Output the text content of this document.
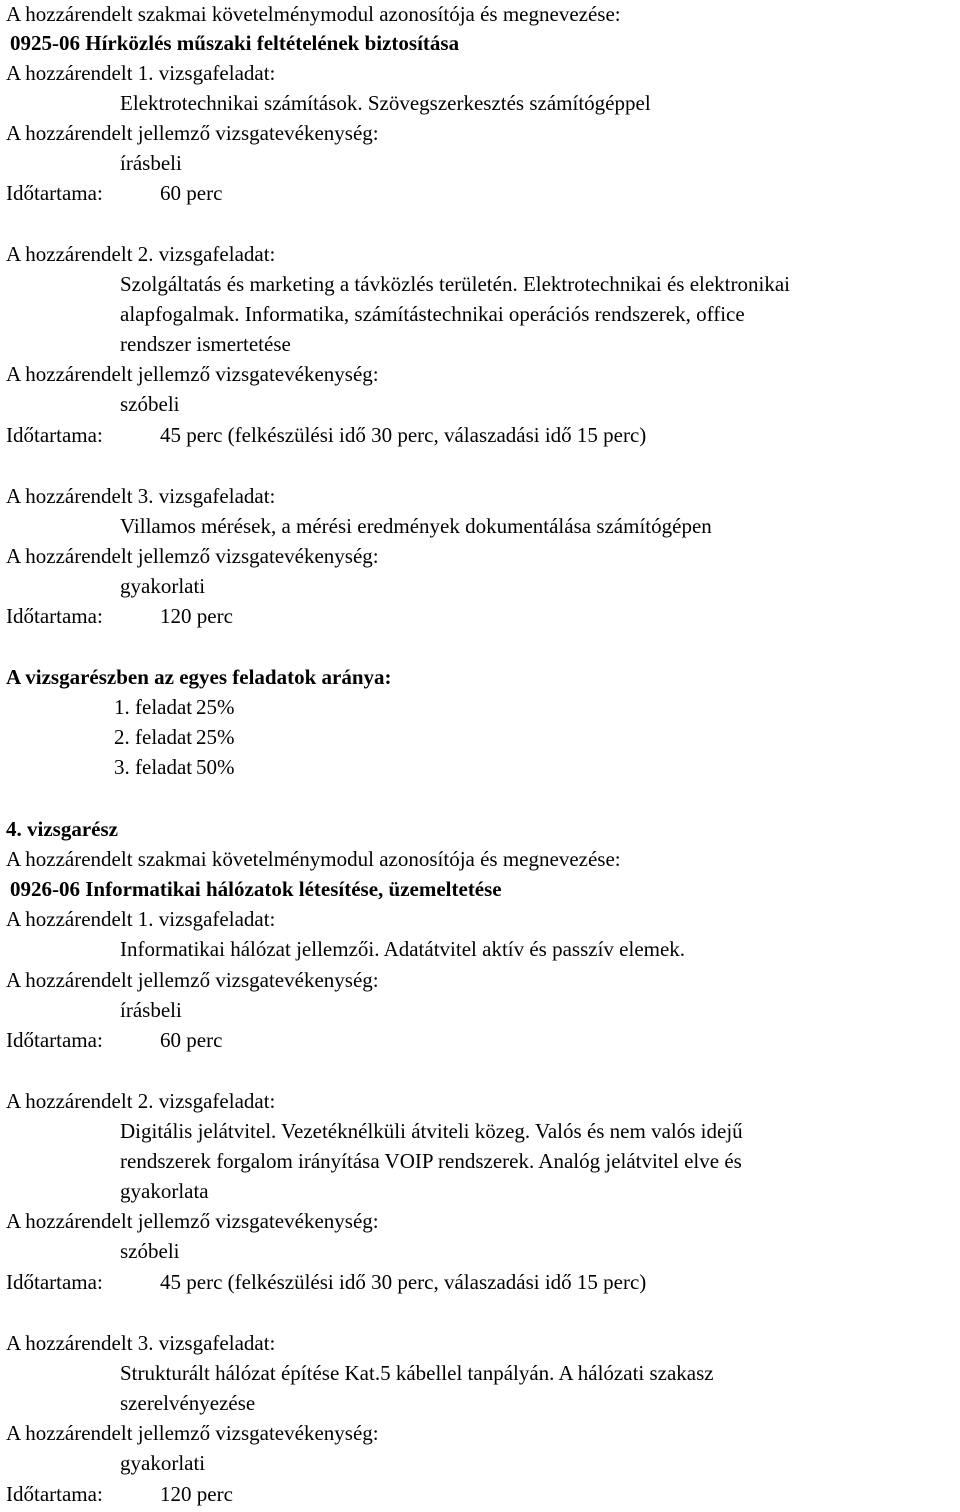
A hozzárendelt szakmai követelménymodul azonosítója és megnevezése:
0925-06 Hírközlés műszaki feltételének biztosítása
A hozzárendelt 1. vizsgafeladat:
Elektrotechnikai számítások. Szövegszerkesztés számítógéppel
A hozzárendelt jellemző vizsgatevékenység:
írásbeli
Időtartama:	60 perc
A hozzárendelt 2. vizsgafeladat:
Szolgáltatás és marketing a távközlés területén. Elektrotechnikai és elektronikai
alapfogalmak. Informatika, számítástechnikai operációs rendszerek, office
rendszer ismertetése
A hozzárendelt jellemző vizsgatevékenység:
szóbeli
Időtartama:	45 perc (felkészülési idő 30 perc, válaszadási idő 15 perc)
A hozzárendelt 3. vizsgafeladat:
Villamos mérések, a mérési eredmények dokumentálása számítógépen
A hozzárendelt jellemző vizsgatevékenység:
gyakorlati
Időtartama:	120 perc
A vizsgarészben az egyes feladatok aránya:
1. feladat 25%
2. feladat 25%
3. feladat 50%
4. vizsgarész
A hozzárendelt szakmai követelménymodul azonosítója és megnevezése:
0926-06 Informatikai hálózatok létesítése, üzemeltetése
A hozzárendelt 1. vizsgafeladat:
Informatikai hálózat jellemzői. Adatátvitel aktív és passzív elemek.
A hozzárendelt jellemző vizsgatevékenység:
írásbeli
Időtartama:	60 perc
A hozzárendelt 2. vizsgafeladat:
Digitális jelátvitel. Vezetéknélküli átviteli közeg. Valós és nem valós idejű
rendszerek forgalom irányítása VOIP rendszerek. Analóg jelátvitel elve és
gyakorlata
A hozzárendelt jellemző vizsgatevékenység:
szóbeli
Időtartama:	45 perc (felkészülési idő 30 perc, válaszadási idő 15 perc)
A hozzárendelt 3. vizsgafeladat:
Strukturált hálózat építése Kat.5 kábellel tanpályán. A hálózati szakasz
szerelvényezése
A hozzárendelt jellemző vizsgatevékenység:
gyakorlati
Időtartama:	120 perc
